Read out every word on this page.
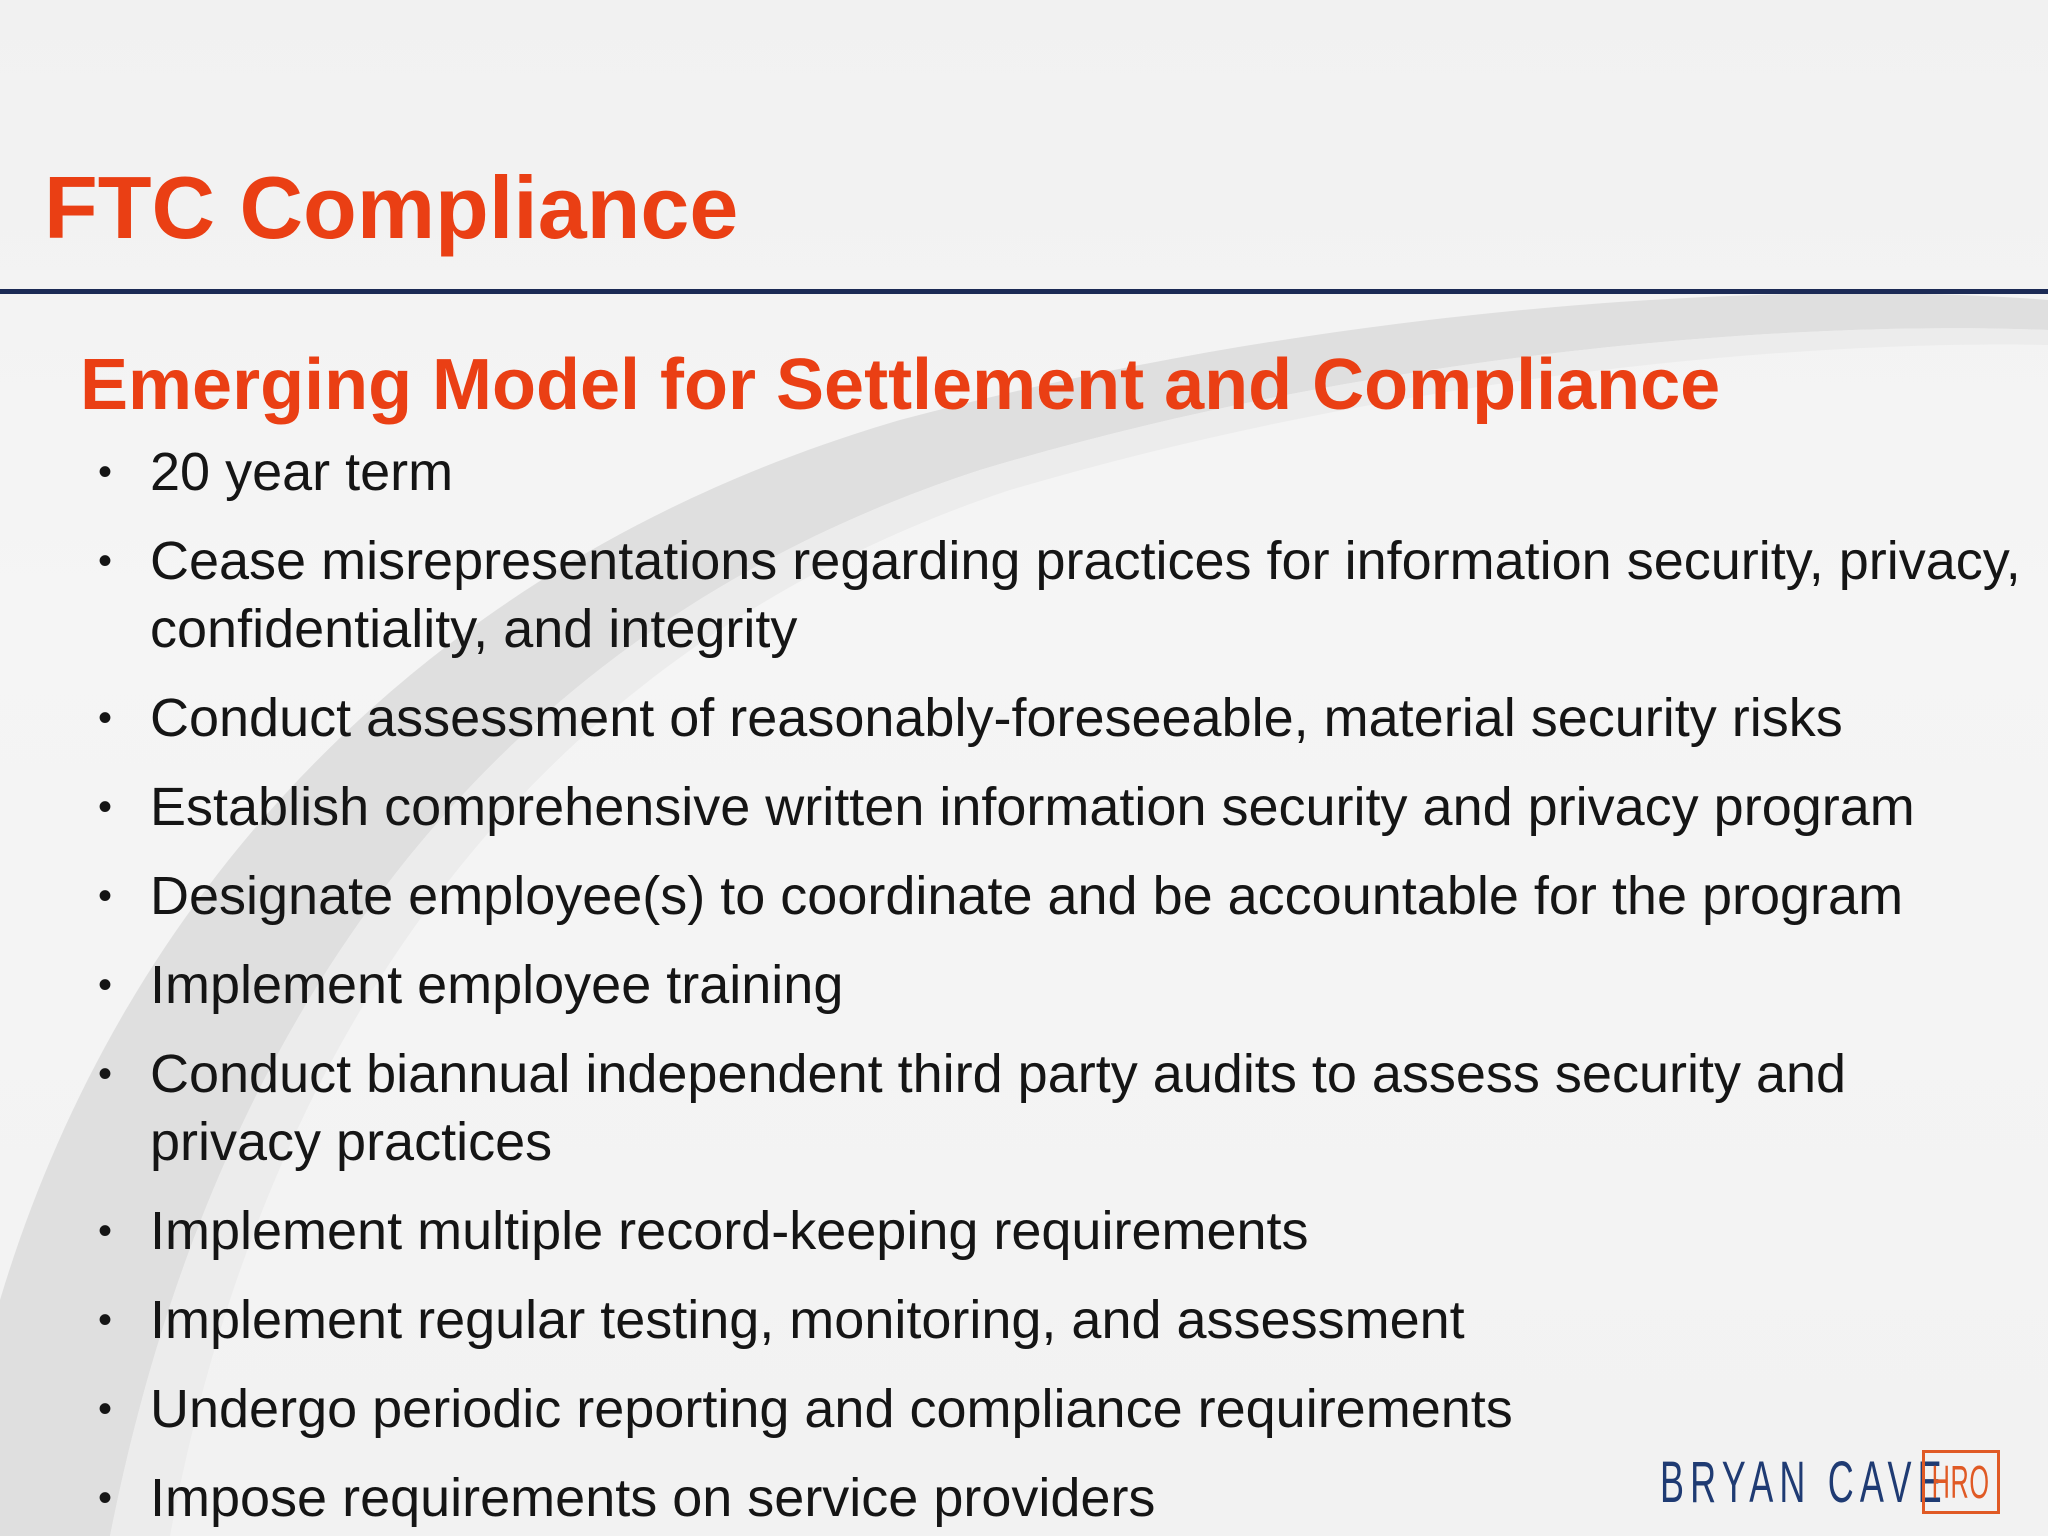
FTC Compliance
Emerging Model for Settlement and Compliance
• 20 year term
• Cease misrepresentations regarding practices for information security, privacy, confidentiality, and integrity
• Conduct assessment of reasonably-foreseeable, material security risks
• Establish comprehensive written information security and privacy program
• Designate employee(s) to coordinate and be accountable for the program
• Implement employee training
• Conduct biannual independent third party audits to assess security and privacy practices
• Implement multiple record-keeping requirements
• Implement regular testing, monitoring, and assessment
• Undergo periodic reporting and compliance requirements
• Impose requirements on service providers	BRYAN CAVE
HRO
